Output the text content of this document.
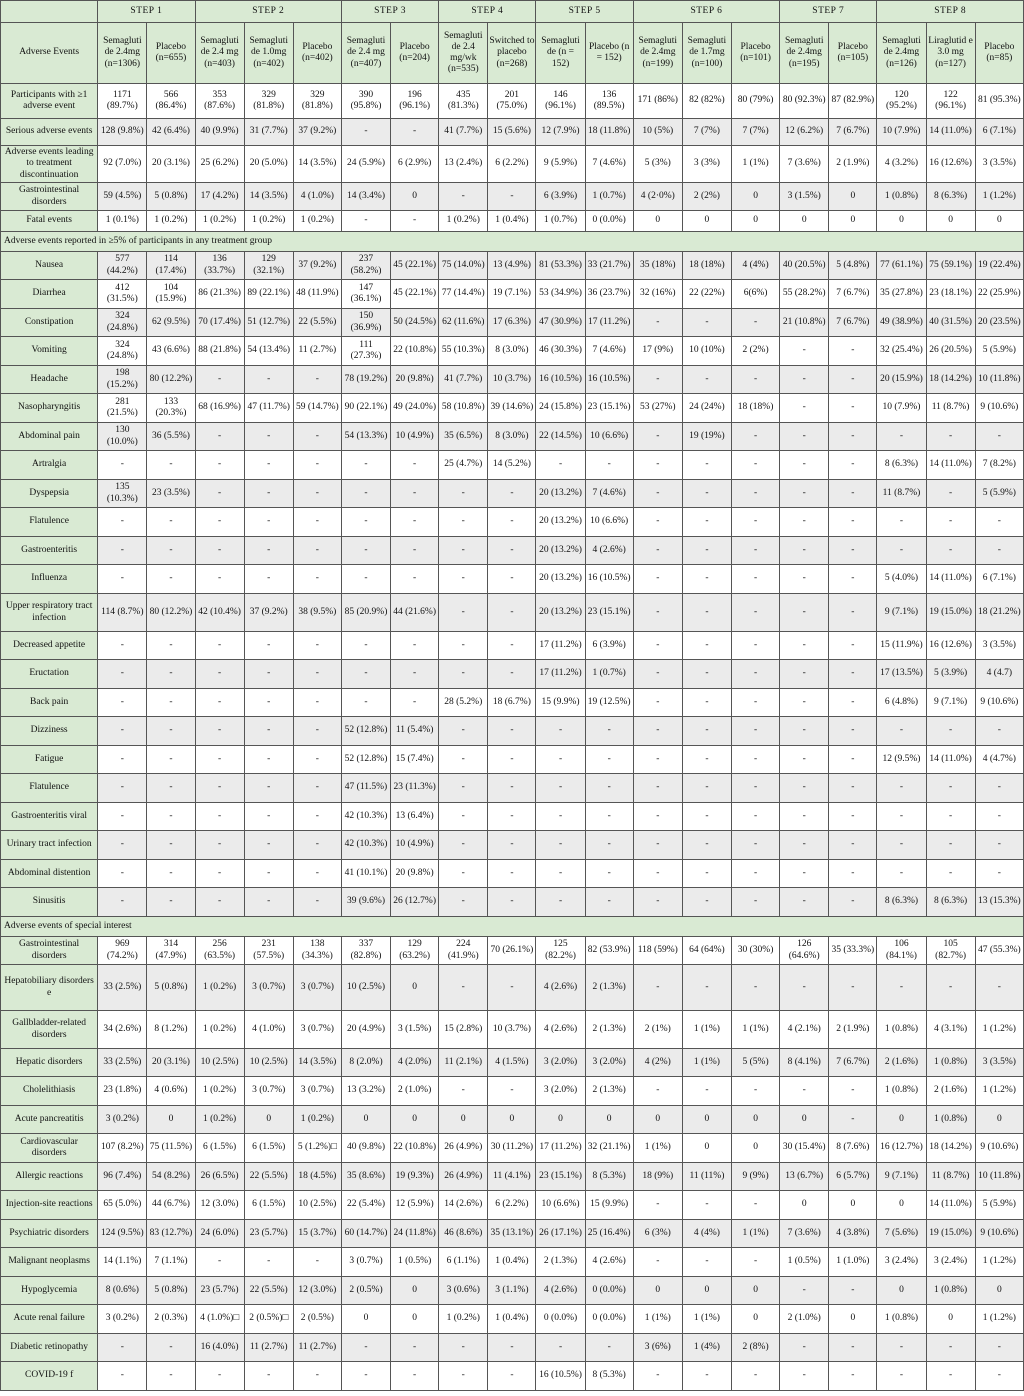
	STEP 1		STEP 2			STEP 3		STEP 4		STEP 5		STEP 6			STEP 7		STEP 8		
Adverse Events	Semagluti de 2.4mg (n=1306)	Placebo (n=655)	Semagluti de 2.4 mg (n=403)	Semagluti de 1.0mg (n=402)	Placebo (n=402)	Semagluti de 2.4 mg (n=407)	Placebo (n=204)	Semagluti de 2.4 mg/wk (n=535)	Switched to placebo (n=268)	Semagluti de (n = 152)	Placebo (n = 152)	Semagluti de 2.4mg (n=199)	Semagluti de 1.7mg (n=100)	Placebo (n=101)	Semagluti de 2.4mg (n=195)	Placebo (n=105)	Semagluti de 2.4mg (n=126)	Liraglutid e 3.0 mg (n=127)	Placebo (n=85)
Participants with ≥1 adverse event	1171 (89.7%)	566 (86.4%)	353 (87.6%)	329 (81.8%)	329 (81.8%)	390 (95.8%)	196 (96.1%)	435 (81.3%)	201 (75.0%)	146 (96.1%)	136 (89.5%)	171 (86%)	82 (82%)	80 (79%)	80 (92.3%)	87 (82.9%)	120 (95.2%)	122 (96.1%)	81 (95.3%)
Serious adverse events	128 (9.8%)	42 (6.4%)	40 (9.9%)	31 (7.7%)	37 (9.2%)	-	-	41 (7.7%)	15 (5.6%)	12 (7.9%)	18 (11.8%)	10 (5%)	7 (7%)	7 (7%)	12 (6.2%)	7 (6.7%)	10 (7.9%)	14 (11.0%)	6 (7.1%)
Adverse events leading to treatment discontinuation	92 (7.0%)	20 (3.1%)	25 (6.2%)	20 (5.0%)	14 (3.5%)	24 (5.9%)	6 (2.9%)	13 (2.4%)	6 (2.2%)	9 (5.9%)	7 (4.6%)	5 (3%)	3 (3%)	1 (1%)	7 (3.6%)	2 (1.9%)	4 (3.2%)	16 (12.6%)	3 (3.5%)
Gastrointestinal disorders	59 (4.5%)	5 (0.8%)	17 (4.2%)	14 (3.5%)	4 (1.0%)	14 (3.4%)	0	-	-	6 (3.9%)	1 (0.7%)	4 (2·0%)	2 (2%)	0	3 (1.5%)	0	1 (0.8%)	8 (6.3%)	1 (1.2%)
Fatal events	1 (0.1%)	1 (0.2%)	1 (0.2%)	1 (0.2%)	1 (0.2%)	-	-	1 (0.2%)	1 (0.4%)	1 (0.7%)	0 (0.0%)	0	0	0	0	0	0	0	0
Adverse events reported in ≥5% of participants in any treatment group																			
Nausea	577 (44.2%)	114 (17.4%)	136 (33.7%)	129 (32.1%)	37 (9.2%)	237 (58.2%)	45 (22.1%)	75 (14.0%)	13 (4.9%)	81 (53.3%)	33 (21.7%)	35 (18%)	18 (18%)	4 (4%)	40 (20.5%)	5 (4.8%)	77 (61.1%)	75 (59.1%)	19 (22.4%)
Diarrhea	412 (31.5%)	104 (15.9%)	86 (21.3%)	89 (22.1%)	48 (11.9%)	147 (36.1%)	45 (22.1%)	77 (14.4%)	19 (7.1%)	53 (34.9%)	36 (23.7%)	32 (16%)	22 (22%)	6(6%)	55 (28.2%)	7 (6.7%)	35 (27.8%)	23 (18.1%)	22 (25.9%)
Constipation	324 (24.8%)	62 (9.5%)	70 (17.4%)	51 (12.7%)	22 (5.5%)	150 (36.9%)	50 (24.5%)	62 (11.6%)	17 (6.3%)	47 (30.9%)	17 (11.2%)	-	-	-	21 (10.8%)	7 (6.7%)	49 (38.9%)	40 (31.5%)	20 (23.5%)
Vomiting	324 (24.8%)	43 (6.6%)	88 (21.8%)	54 (13.4%)	11 (2.7%)	111 (27.3%)	22 (10.8%)	55 (10.3%)	8 (3.0%)	46 (30.3%)	7 (4.6%)	17 (9%)	10 (10%)	2 (2%)	-	-	32 (25.4%)	26 (20.5%)	5 (5.9%)
Headache	198 (15.2%)	80 (12.2%)	-	-	-	78 (19.2%)	20 (9.8%)	41 (7.7%)	10 (3.7%)	16 (10.5%)	16 (10.5%)	-	-	-	-	-	20 (15.9%)	18 (14.2%)	10 (11.8%)
Nasopharyngitis	281 (21.5%)	133 (20.3%)	68 (16.9%)	47 (11.7%)	59 (14.7%)	90 (22.1%)	49 (24.0%)	58 (10.8%)	39 (14.6%)	24 (15.8%)	23 (15.1%)	53 (27%)	24 (24%)	18 (18%)	-	-	10 (7.9%)	11 (8.7%)	9 (10.6%)
Abdominal pain	130 (10.0%)	36 (5.5%)	-	-	-	54 (13.3%)	10 (4.9%)	35 (6.5%)	8 (3.0%)	22 (14.5%)	10 (6.6%)	-	19 (19%)	-	-	-	-	-	-
Artralgia	-	-	-	-	-	-	-	25 (4.7%)	14 (5.2%)	-	-	-	-	-	-	-	8 (6.3%)	14 (11.0%)	7 (8.2%)
Dyspepsia	135 (10.3%)	23 (3.5%)	-	-	-	-	-	-	-	20 (13.2%)	7 (4.6%)	-	-	-	-	-	11 (8.7%)	-	5 (5.9%)
Flatulence	-	-	-	-	-	-	-	-	-	20 (13.2%)	10 (6.6%)	-	-	-	-	-	-	-	-
Gastroenteritis	-	-	-	-	-	-	-	-	-	20 (13.2%)	4 (2.6%)	-	-	-	-	-	-	-	-
Influenza	-	-	-	-	-	-	-	-	-	20 (13.2%)	16 (10.5%)	-	-	-	-	-	5 (4.0%)	14 (11.0%)	6 (7.1%)
Upper respiratory tract infection	114 (8.7%)	80 (12.2%)	42 (10.4%)	37 (9.2%)	38 (9.5%)	85 (20.9%)	44 (21.6%)	-	-	20 (13.2%)	23 (15.1%)	-	-	-	-	-	9 (7.1%)	19 (15.0%)	18 (21.2%)
Decreased appetite	-	-	-	-	-	-	-	-	-	17 (11.2%)	6 (3.9%)	-	-	-	-	-	15 (11.9%)	16 (12.6%)	3 (3.5%)
Eructation	-	-	-	-	-	-	-	-	-	17 (11.2%)	1 (0.7%)	-	-	-	-	-	17 (13.5%)	5 (3.9%)	4 (4.7)
Back pain	-	-	-	-	-	-	-	28 (5.2%)	18 (6.7%)	15 (9.9%)	19 (12.5%)	-	-	-	-	-	6 (4.8%)	9 (7.1%)	9 (10.6%)
Dizziness	-	-	-	-	-	52 (12.8%)	11 (5.4%)	-	-	-	-	-	-	-	-	-	-	-	-
Fatigue	-	-	-	-	-	52 (12.8%)	15 (7.4%)	-	-	-	-	-	-	-	-	-	12 (9.5%)	14 (11.0%)	4 (4.7%)
Flatulence	-	-	-	-	-	47 (11.5%)	23 (11.3%)	-	-	-	-	-	-	-	-	-	-	-	-
Gastroenteritis viral	-	-	-	-	-	42 (10.3%)	13 (6.4%)	-	-	-	-	-	-	-	-	-	-	-	-
Urinary tract infection	-	-	-	-	-	42 (10.3%)	10 (4.9%)	-	-	-	-	-	-	-	-	-	-	-	-
Abdominal distention	-	-	-	-	-	41 (10.1%)	20 (9.8%)	-	-	-	-	-	-	-	-	-	-	-	-
Sinusitis	-	-	-	-	-	39 (9.6%)	26 (12.7%)	-	-	-	-	-	-	-	-	-	8 (6.3%)	8 (6.3%)	13 (15.3%)
Adverse events of special interest																			
Gastrointestinal disorders	969 (74.2%)	314 (47.9%)	256 (63.5%)	231 (57.5%)	138 (34.3%)	337 (82.8%)	129 (63.2%)	224 (41.9%)	70 (26.1%)	125 (82.2%)	82 (53.9%)	118 (59%)	64 (64%)	30 (30%)	126 (64.6%)	35 (33.3%)	106 (84.1%)	105 (82.7%)	47 (55.3%)
Hepatobiliary disorders e	33 (2.5%)	5 (0.8%)	1 (0.2%)	3 (0.7%)	3 (0.7%)	10 (2.5%)	0	-	-	4 (2.6%)	2 (1.3%)	-	-	-	-	-	-	-	-
Gallbladder-related disorders	34 (2.6%)	8 (1.2%)	1 (0.2%)	4 (1.0%)	3 (0.7%)	20 (4.9%)	3 (1.5%)	15 (2.8%)	10 (3.7%)	4 (2.6%)	2 (1.3%)	2 (1%)	1 (1%)	1 (1%)	4 (2.1%)	2 (1.9%)	1 (0.8%)	4 (3.1%)	1 (1.2%)
Hepatic disorders	33 (2.5%)	20 (3.1%)	10 (2.5%)	10 (2.5%)	14 (3.5%)	8 (2.0%)	4 (2.0%)	11 (2.1%)	4 (1.5%)	3 (2.0%)	3 (2.0%)	4 (2%)	1 (1%)	5 (5%)	8 (4.1%)	7 (6.7%)	2 (1.6%)	1 (0.8%)	3 (3.5%)
Cholelithiasis	23 (1.8%)	4 (0.6%)	1 (0.2%)	3 (0.7%)	3 (0.7%)	13 (3.2%)	2 (1.0%)	-	-	3 (2.0%)	2 (1.3%)	-	-	-	-	-	1 (0.8%)	2 (1.6%)	1 (1.2%)
Acute pancreatitis	3 (0.2%)	0	1 (0.2%)	0	1 (0.2%)	0	0	0	0	0	0	0	0	0	0	-	0	1 (0.8%)	0
Cardiovascular disorders	107 (8.2%)	75 (11.5%)	6 (1.5%)	6 (1.5%)	5 (1.2%)□	40 (9.8%)	22 (10.8%)	26 (4.9%)	30 (11.2%)	17 (11.2%)	32 (21.1%)	1 (1%)	0	0	30 (15.4%)	8 (7.6%)	16 (12.7%)	18 (14.2%)	9 (10.6%)
Allergic reactions	96 (7.4%)	54 (8.2%)	26 (6.5%)	22 (5.5%)	18 (4.5%)	35 (8.6%)	19 (9.3%)	26 (4.9%)	11 (4.1%)	23 (15.1%)	8 (5.3%)	18 (9%)	11 (11%)	9 (9%)	13 (6.7%)	6 (5.7%)	9 (7.1%)	11 (8.7%)	10 (11.8%)
Injection-site reactions	65 (5.0%)	44 (6.7%)	12 (3.0%)	6 (1.5%)	10 (2.5%)	22 (5.4%)	12 (5.9%)	14 (2.6%)	6 (2.2%)	10 (6.6%)	15 (9.9%)	-	-	-	0	0	0	14 (11.0%)	5 (5.9%)
Psychiatric disorders	124 (9.5%)	83 (12.7%)	24 (6.0%)	23 (5.7%)	15 (3.7%)	60 (14.7%)	24 (11.8%)	46 (8.6%)	35 (13.1%)	26 (17.1%)	25 (16.4%)	6 (3%)	4 (4%)	1 (1%)	7 (3.6%)	4 (3.8%)	7 (5.6%)	19 (15.0%)	9 (10.6%)
Malignant neoplasms	14 (1.1%)	7 (1.1%)	-	-	-	3 (0.7%)	1 (0.5%)	6 (1.1%)	1 (0.4%)	2 (1.3%)	4 (2.6%)	-	-	-	1 (0.5%)	1 (1.0%)	3 (2.4%)	3 (2.4%)	1 (1.2%)
Hypoglycemia	8 (0.6%)	5 (0.8%)	23 (5.7%)	22 (5.5%)	12 (3.0%)	2 (0.5%)	0	3 (0.6%)	3 (1.1%)	4 (2.6%)	0 (0.0%)	0	0	0	-	-	0	1 (0.8%)	0
Acute renal failure	3 (0.2%)	2 (0.3%)	4 (1.0%)□	2 (0.5%)□	2 (0.5%)	0	0	1 (0.2%)	1 (0.4%)	0 (0.0%)	0 (0.0%)	1 (1%)	1 (1%)	0	2 (1.0%)	0	1 (0.8%)	0	1 (1.2%)
Diabetic retinopathy	-	-	16 (4.0%)	11 (2.7%)	11 (2.7%)	-	-	-	-	-	-	3 (6%)	1 (4%)	2 (8%)	-	-	-	-	-
COVID-19 f	-	-	-	-	-	-	-	-	-	16 (10.5%)	8 (5.3%)	-	-	-	-	-	-	-	-
